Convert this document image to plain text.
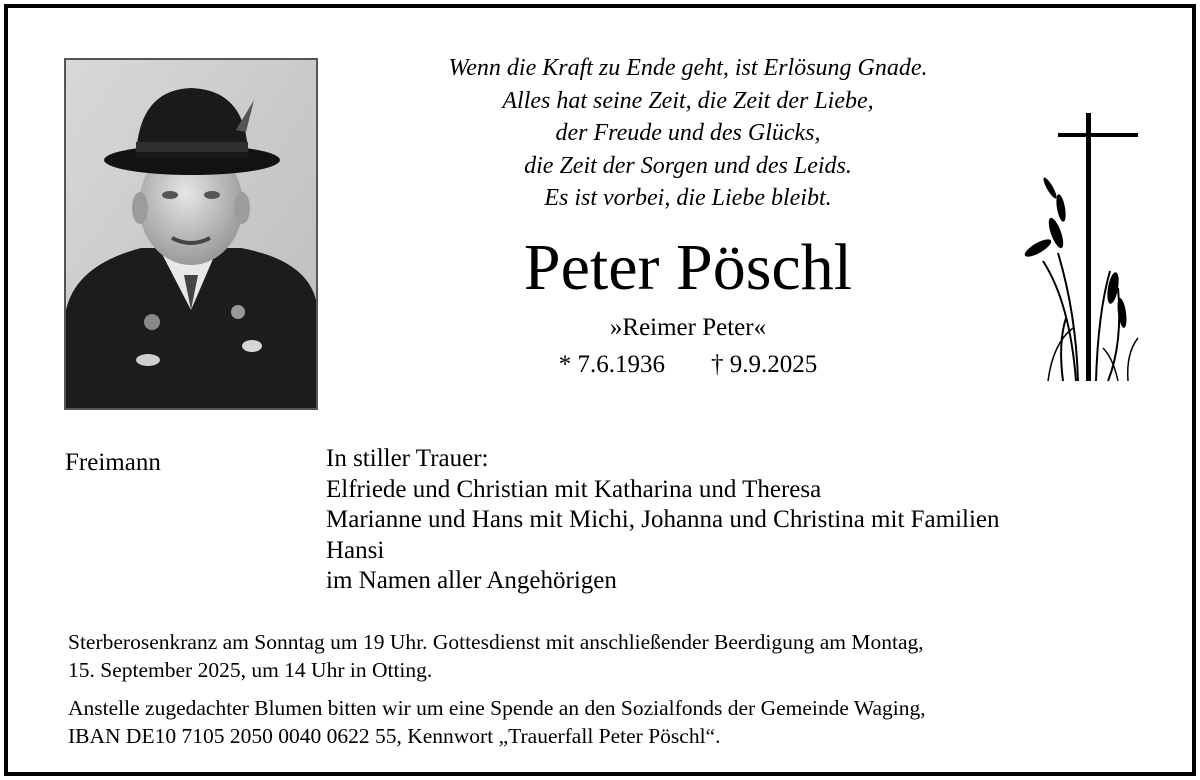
Wenn die Kraft zu Ende geht, ist Erlösung Gnade.
Alles hat seine Zeit, die Zeit der Liebe,
der Freude und des Glücks,
die Zeit der Sorgen und des Leids.
Es ist vorbei, die Liebe bleibt.
Peter Pöschl
»Reimer Peter«
* 7.6.1936 † 9.9.2025
Freimann	In stiller Trauer:
Elfriede und Christian mit Katharina und Theresa
Marianne und Hans mit Michi, Johanna und Christina mit Familien
Hansi
im Namen aller Angehörigen
Sterberosenkranz am Sonntag um 19 Uhr. Gottesdienst mit anschließender Beerdigung am Montag,
15. September 2025, um 14 Uhr in Otting.
Anstelle zugedachter Blumen bitten wir um eine Spende an den Sozialfonds der Gemeinde Waging,
IBAN DE10 7105 2050 0040 0622 55, Kennwort „Trauerfall Peter Pöschl“.
